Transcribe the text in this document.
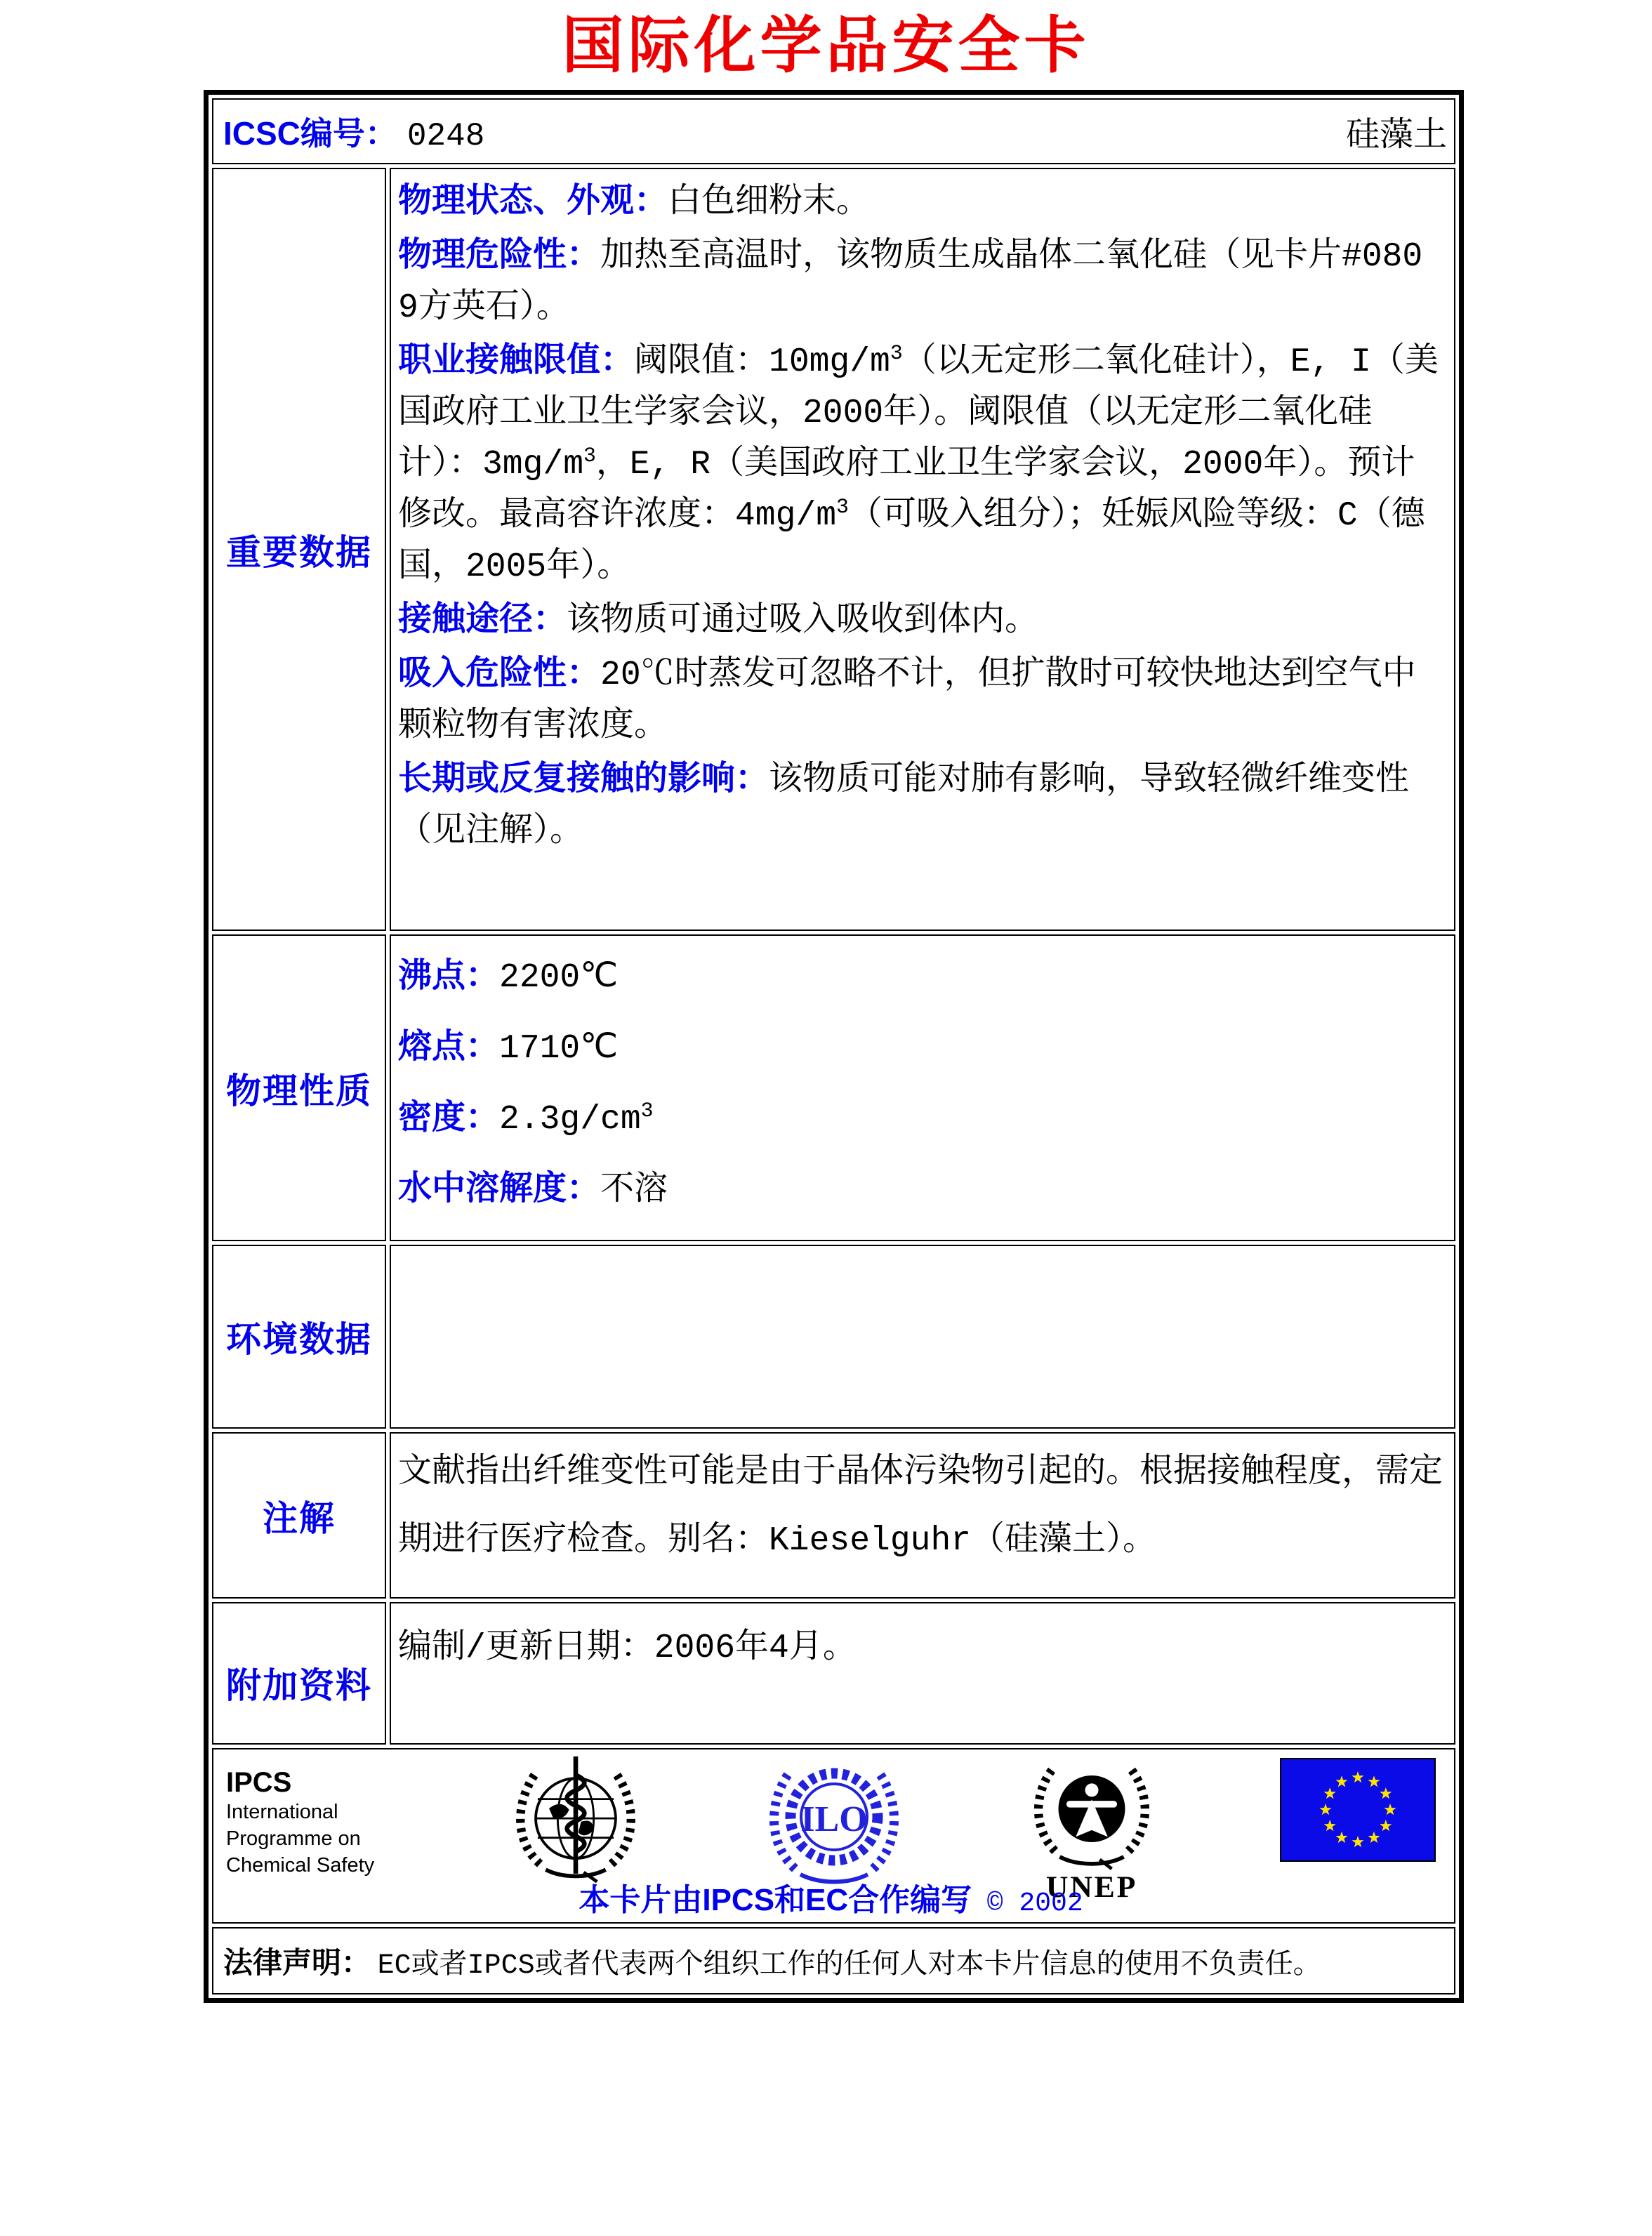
国际化学品安全卡
ICSC编号： 0248 硅藻土	

重要数据	
物理状态、外观：白色细粉末。
物理危险性：加热至高温时，该物质生成晶体二氧化硅（见卡片#0809方英石）。
职业接触限值：阈限值：$10mg/m^3$（以无定形二氧化硅计），E, I（美国政府工业卫生学家会议，2000年）。阈限值（以无定形二氧化硅计）：$3mg/m^3$，E, R（美国政府工业卫生学家会议，2000年）。预计修改。最高容许浓度：$4mg/m^3$（可吸入组分）；妊娠风险等级：C（德国，2005年）。
接触途径：该物质可通过吸入吸收到体内。
吸入危险性：20℃时蒸发可忽略不计，但扩散时可较快地达到空气中颗粒物有害浓度。
长期或反复接触的影响：该物质可能对肺有影响，导致轻微纤维变性（见注解）。

物理性质	沸点：2200℃
熔点：1710℃
密度：$2.3g/cm^3$
水中溶解度：不溶

环境数据	
注解	文献指出纤维变性可能是由于晶体污染物引起的。根据接触程度，需定期进行医疗检查。别名：Kieselguhr（硅藻土）。

附加资料	编制/更新日期：2006年4月。

IPCS
International
Programme on
Chemical Safety
ILO
UNEP
本卡片由IPCS和EC合作编写 © 2002

法律声明： EC或者IPCS或者代表两个组织工作的任何人对本卡片信息的使用不负责任。	
